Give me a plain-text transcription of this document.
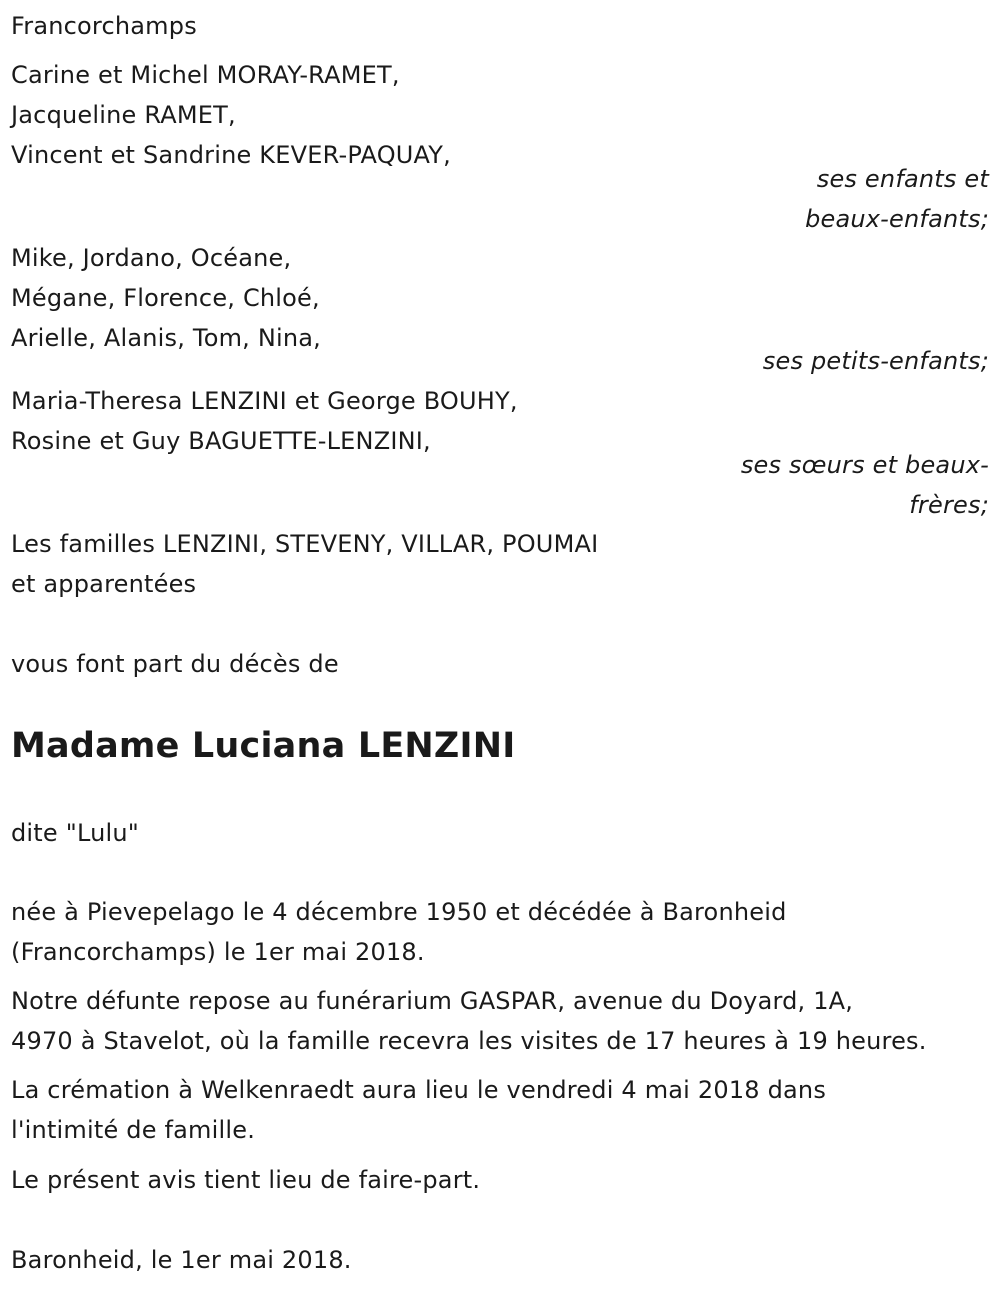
Francorchamps
Carine et Michel MORAY-RAMET,
Jacqueline RAMET,
Vincent et Sandrine KEVER-PAQUAY,
ses enfants et
beaux-enfants;
Mike, Jordano, Océane,
Mégane, Florence, Chloé,
Arielle, Alanis, Tom, Nina,
ses petits-enfants;
Maria-Theresa LENZINI et George BOUHY,
Rosine et Guy BAGUETTE-LENZINI,
ses sœurs et beaux-
frères;
Les familles LENZINI, STEVENY, VILLAR, POUMAI
et apparentées
vous font part du décès de
Madame Luciana LENZINI
dite "Lulu"
née à Pievepelago le 4 décembre 1950 et décédée à Baronheid
(Francorchamps) le 1er mai 2018.
Notre défunte repose au funérarium GASPAR, avenue du Doyard, 1A,
4970 à Stavelot, où la famille recevra les visites de 17 heures à 19 heures.
La crémation à Welkenraedt aura lieu le vendredi 4 mai 2018 dans
l'intimité de famille.
Le présent avis tient lieu de faire-part.
Baronheid, le 1er mai 2018.
